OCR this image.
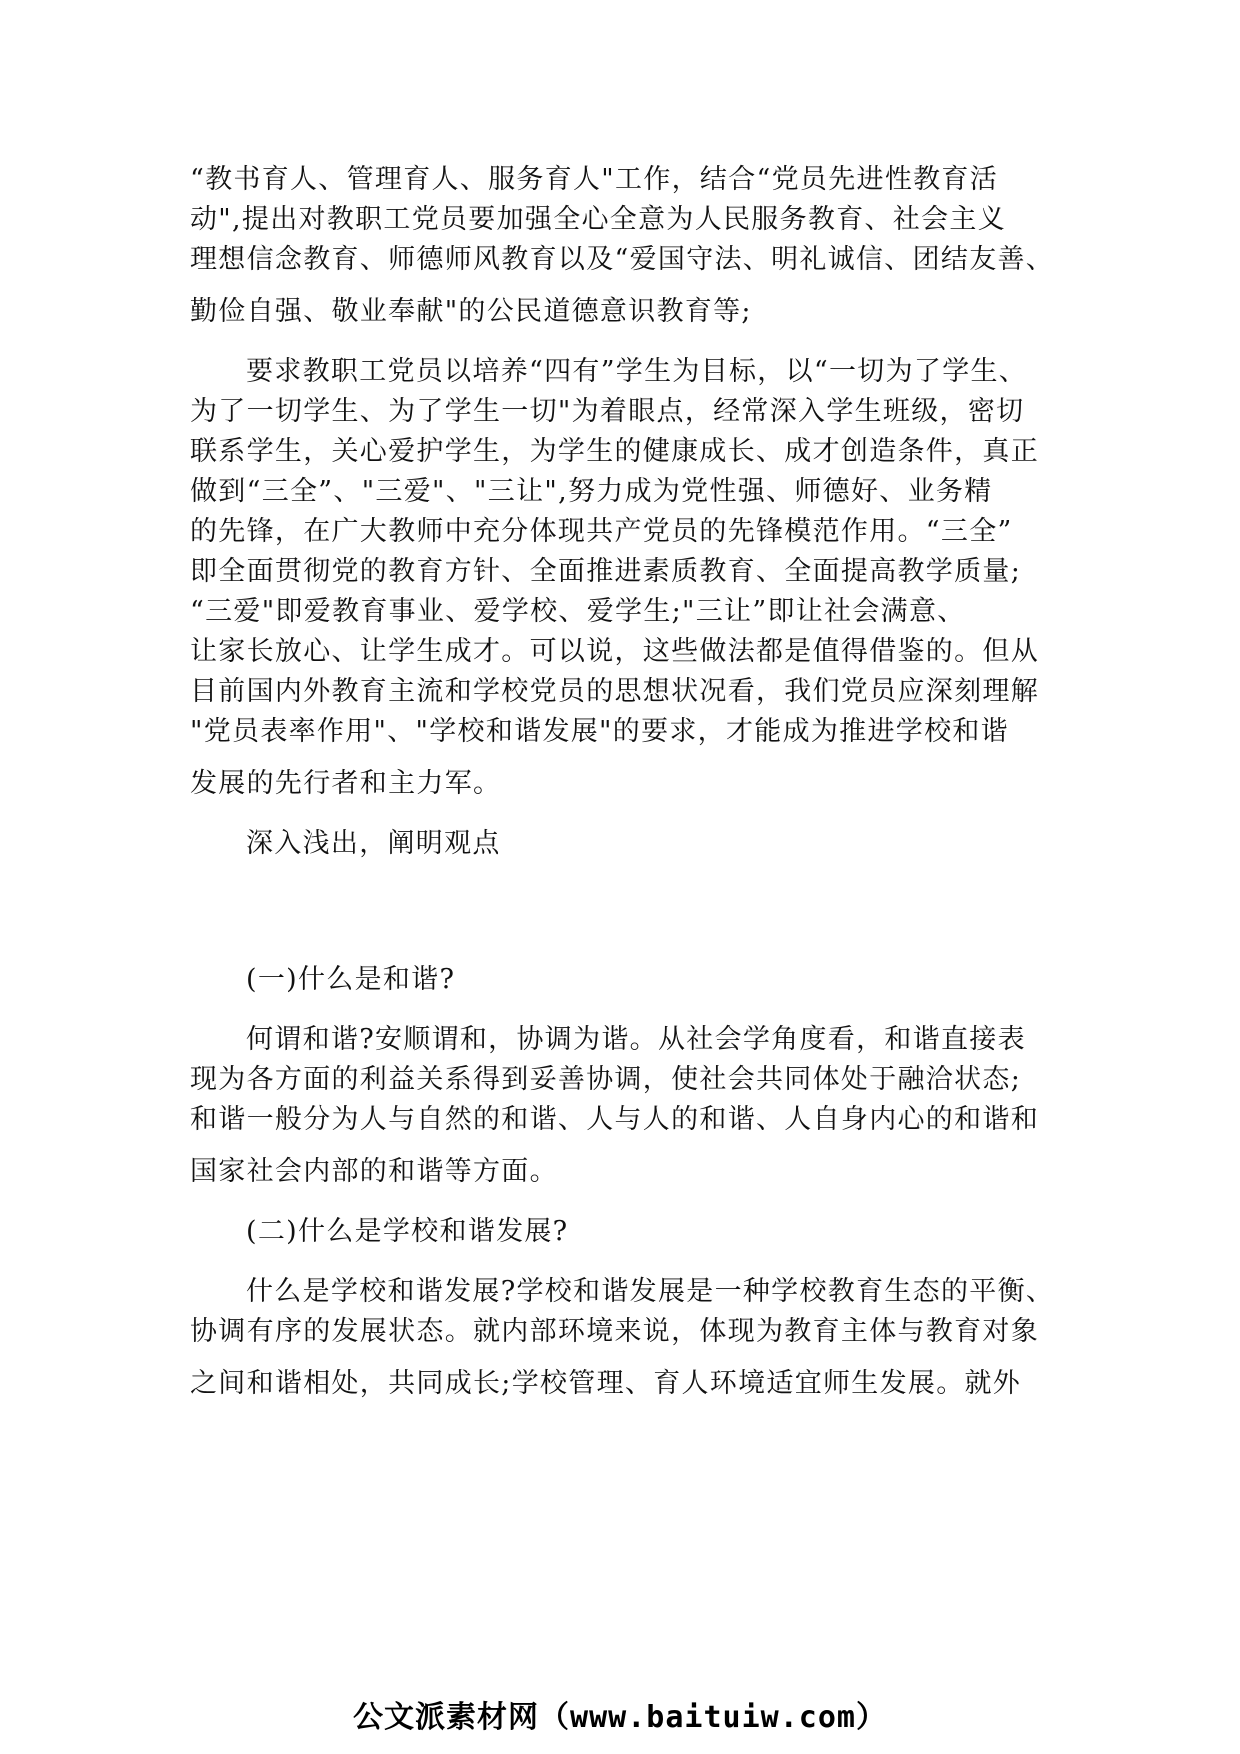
“教书育人、管理育人、服务育人"工作，结合“党员先进性教育活
动",提出对教职工党员要加强全心全意为人民服务教育、社会主义
理想信念教育、师德师风教育以及“爱国守法、明礼诚信、团结友善、
勤俭自强、敬业奉献"的公民道德意识教育等;

要求教职工党员以培养“四有”学生为目标，以“一切为了学生、
为了一切学生、为了学生一切"为着眼点，经常深入学生班级，密切
联系学生，关心爱护学生，为学生的健康成长、成才创造条件，真正
做到“三全”、"三爱"、"三让",努力成为党性强、师德好、业务精
的先锋，在广大教师中充分体现共产党员的先锋模范作用。“三全”
即全面贯彻党的教育方针、全面推进素质教育、全面提高教学质量;
“三爱"即爱教育事业、爱学校、爱学生;"三让”即让社会满意、
让家长放心、让学生成才。可以说，这些做法都是值得借鉴的。但从
目前国内外教育主流和学校党员的思想状况看，我们党员应深刻理解
"党员表率作用"、"学校和谐发展"的要求，才能成为推进学校和谐
发展的先行者和主力军。

深入浅出，阐明观点

(一)什么是和谐?

何谓和谐?安顺谓和，协调为谐。从社会学角度看，和谐直接表
现为各方面的利益关系得到妥善协调，使社会共同体处于融洽状态;
和谐一般分为人与自然的和谐、人与人的和谐、人自身内心的和谐和
国家社会内部的和谐等方面。

(二)什么是学校和谐发展?

什么是学校和谐发展?学校和谐发展是一种学校教育生态的平衡、
协调有序的发展状态。就内部环境来说，体现为教育主体与教育对象
之间和谐相处，共同成长;学校管理、育人环境适宜师生发展。就外

公文派素材网（www.baituiw.com）
